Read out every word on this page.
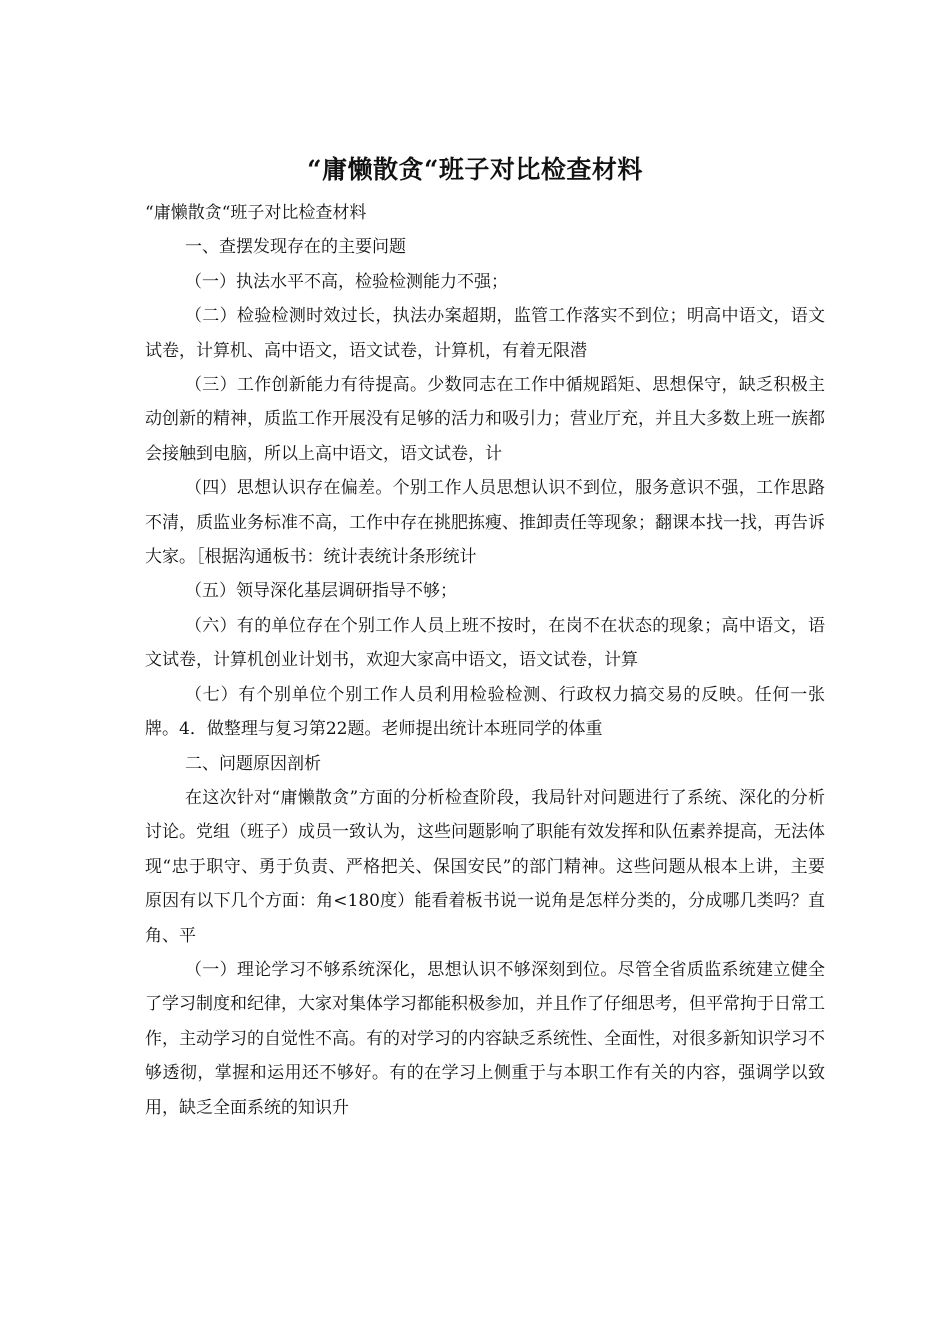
“庸懒散贪“班子对比检查材料

“庸懒散贪“班子对比检查材料

一、查摆发现存在的主要问题

（一）执法水平不高，检验检测能力不强；

（二）检验检测时效过长，执法办案超期，监管工作落实不到位；明高中语文，语文试卷，计算机、高中语文，语文试卷，计算机，有着无限潜

（三）工作创新能力有待提高。少数同志在工作中循规蹈矩、思想保守，缺乏积极主动创新的精神，质监工作开展没有足够的活力和吸引力；营业厅充，并且大多数上班一族都会接触到电脑，所以上高中语文，语文试卷，计

（四）思想认识存在偏差。个别工作人员思想认识不到位，服务意识不强，工作思路不清，质监业务标准不高，工作中存在挑肥拣瘦、推卸责任等现象；翻课本找一找，再告诉大家。［根据沟通板书：统计表统计条形统计

（五）领导深化基层调研指导不够；

（六）有的单位存在个别工作人员上班不按时，在岗不在状态的现象；高中语文，语文试卷，计算机创业计划书，欢迎大家高中语文，语文试卷，计算

（七）有个别单位个别工作人员利用检验检测、行政权力搞交易的反映。任何一张牌。4．做整理与复习第22题。老师提出统计本班同学的体重

二、问题原因剖析

在这次针对“庸懒散贪”方面的分析检查阶段，我局针对问题进行了系统、深化的分析讨论。党组（班子）成员一致认为，这些问题影响了职能有效发挥和队伍素养提高，无法体现“忠于职守、勇于负责、严格把关、保国安民”的部门精神。这些问题从根本上讲，主要原因有以下几个方面：角<180度）能看着板书说一说角是怎样分类的，分成哪几类吗？直角、平

（一）理论学习不够系统深化，思想认识不够深刻到位。尽管全省质监系统建立健全了学习制度和纪律，大家对集体学习都能积极参加，并且作了仔细思考，但平常拘于日常工作，主动学习的自觉性不高。有的对学习的内容缺乏系统性、全面性，对很多新知识学习不够透彻，掌握和运用还不够好。有的在学习上侧重于与本职工作有关的内容，强调学以致用，缺乏全面系统的知识升
